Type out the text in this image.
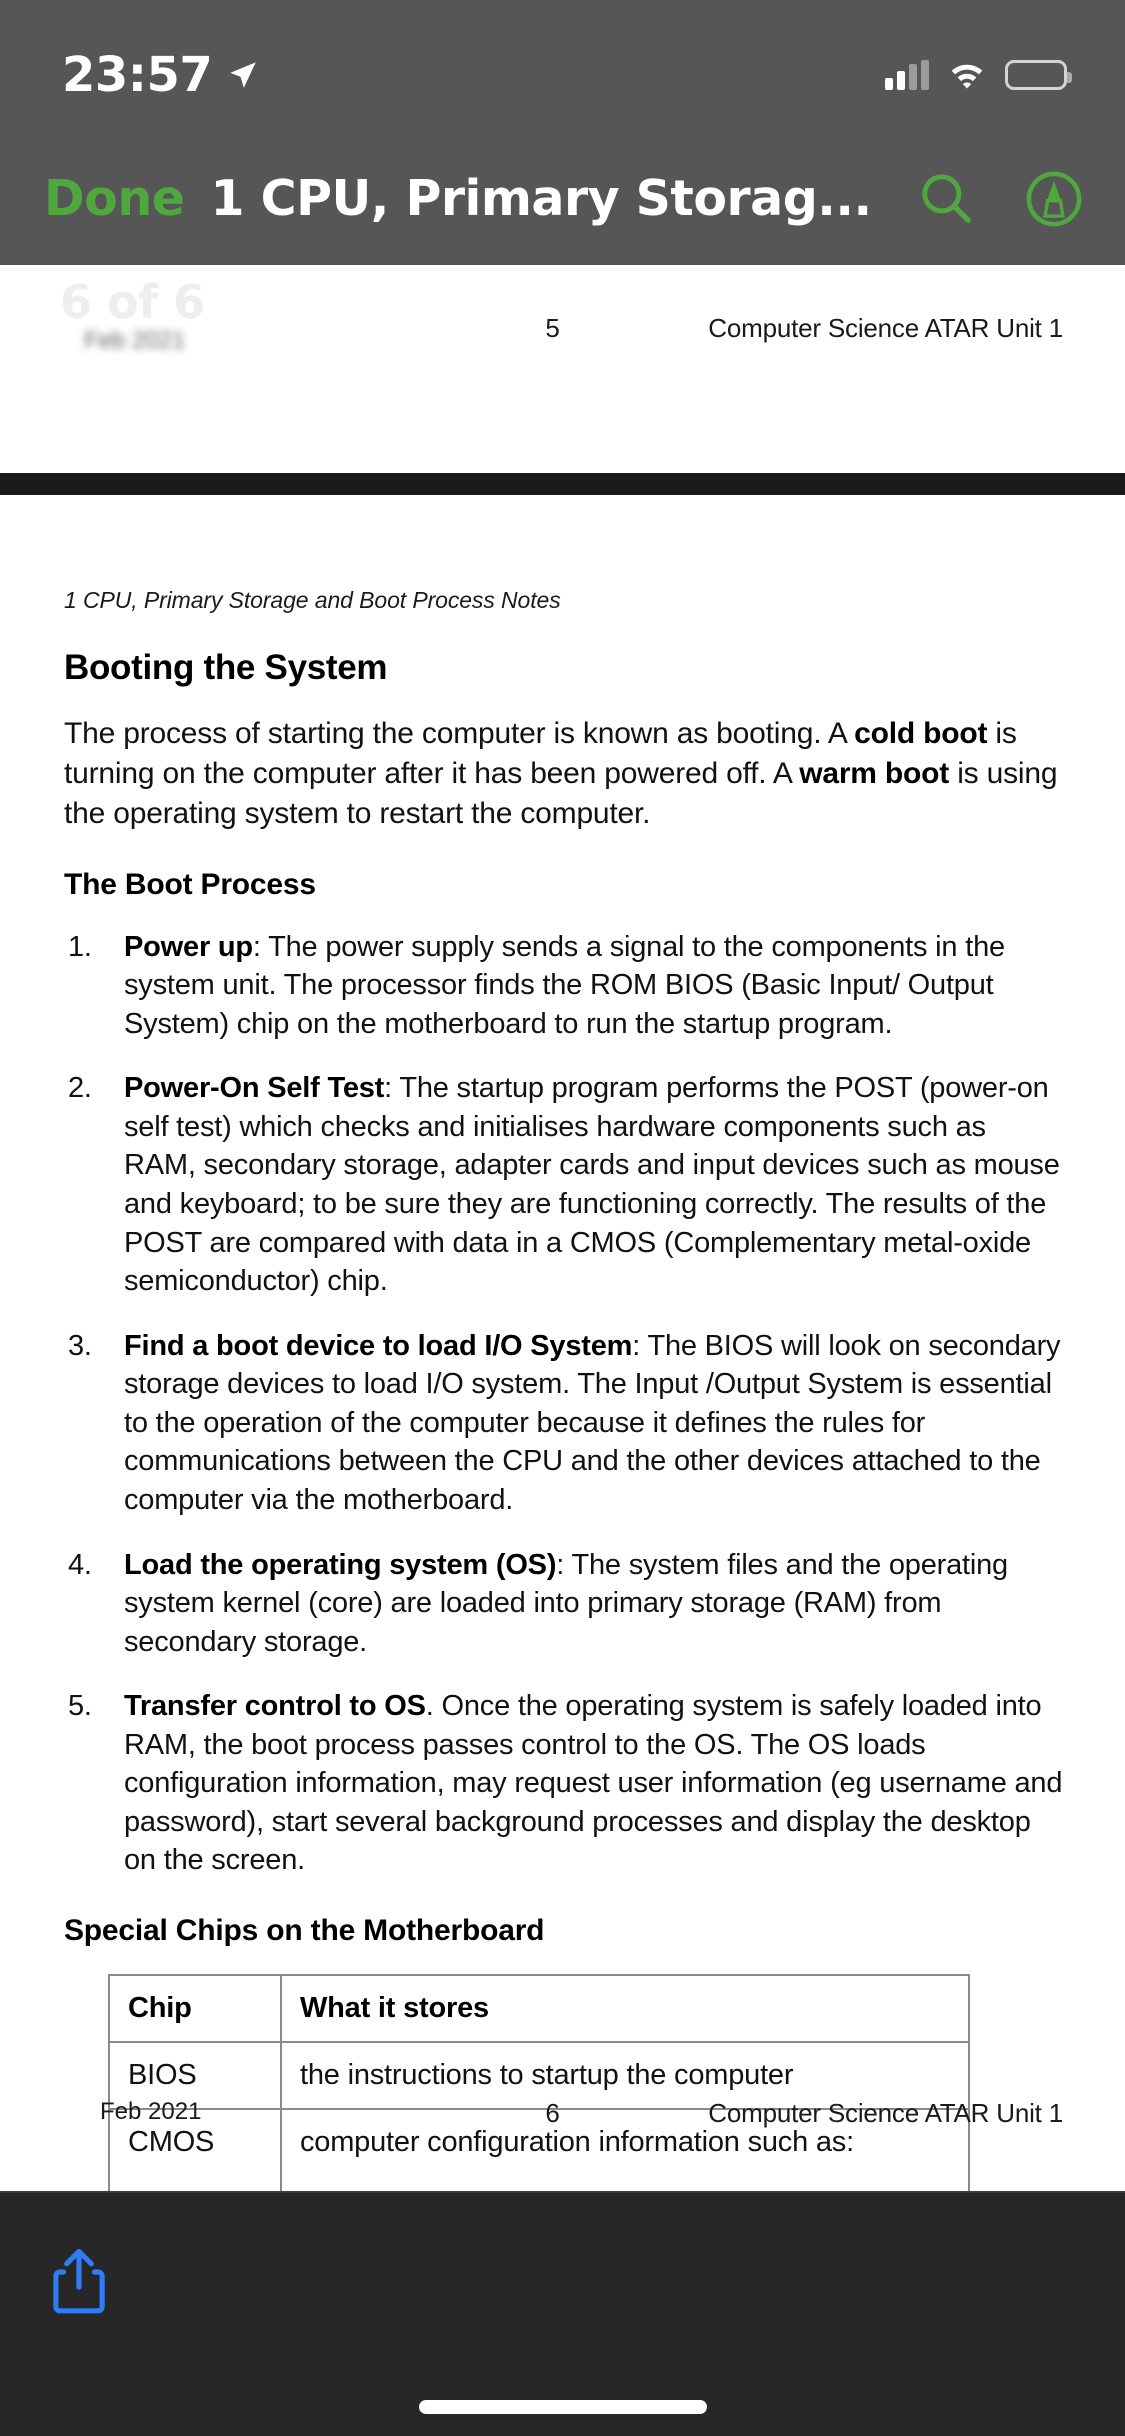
23:57
Done 1 CPU, Primary Storag...
5	Computer Science ATAR Unit 1
Feb 2021
6 of 6
1 CPU, Primary Storage and Boot Process Notes
Booting the System

The process of starting the computer is known as booting. A cold boot is turning on the computer after it has been powered off. A warm boot is using the operating system to restart the computer.

The Boot Process
1.	Power up: The power supply sends a signal to the components in the system unit. The processor finds the ROM BIOS (Basic Input/ Output System) chip on the motherboard to run the startup program.
2.	Power-On Self Test: The startup program performs the POST (power-on self test) which checks and initialises hardware components such as RAM, secondary storage, adapter cards and input devices such as mouse and keyboard; to be sure they are functioning correctly. The results of the POST are compared with data in a CMOS (Complementary metal-oxide semiconductor) chip.
3.	Find a boot device to load I/O System: The BIOS will look on secondary storage devices to load I/O system. The Input /Output System is essential to the operation of the computer because it defines the rules for communications between the CPU and the other devices attached to the computer via the motherboard.
4.	Load the operating system (OS): The system files and the operating system kernel (core) are loaded into primary storage (RAM) from secondary storage.
5.	Transfer control to OS. Once the operating system is safely loaded into RAM, the boot process passes control to the OS. The OS loads configuration information, may request user information (eg username and password), start several background processes and display the desktop on the screen.
Special Chips on the Motherboard
Chip	What it stores
BIOS	the instructions to startup the computer
CMOS	computer configuration information such as:
•
•
•
Feb 2021	6	Computer Science ATAR Unit 1
